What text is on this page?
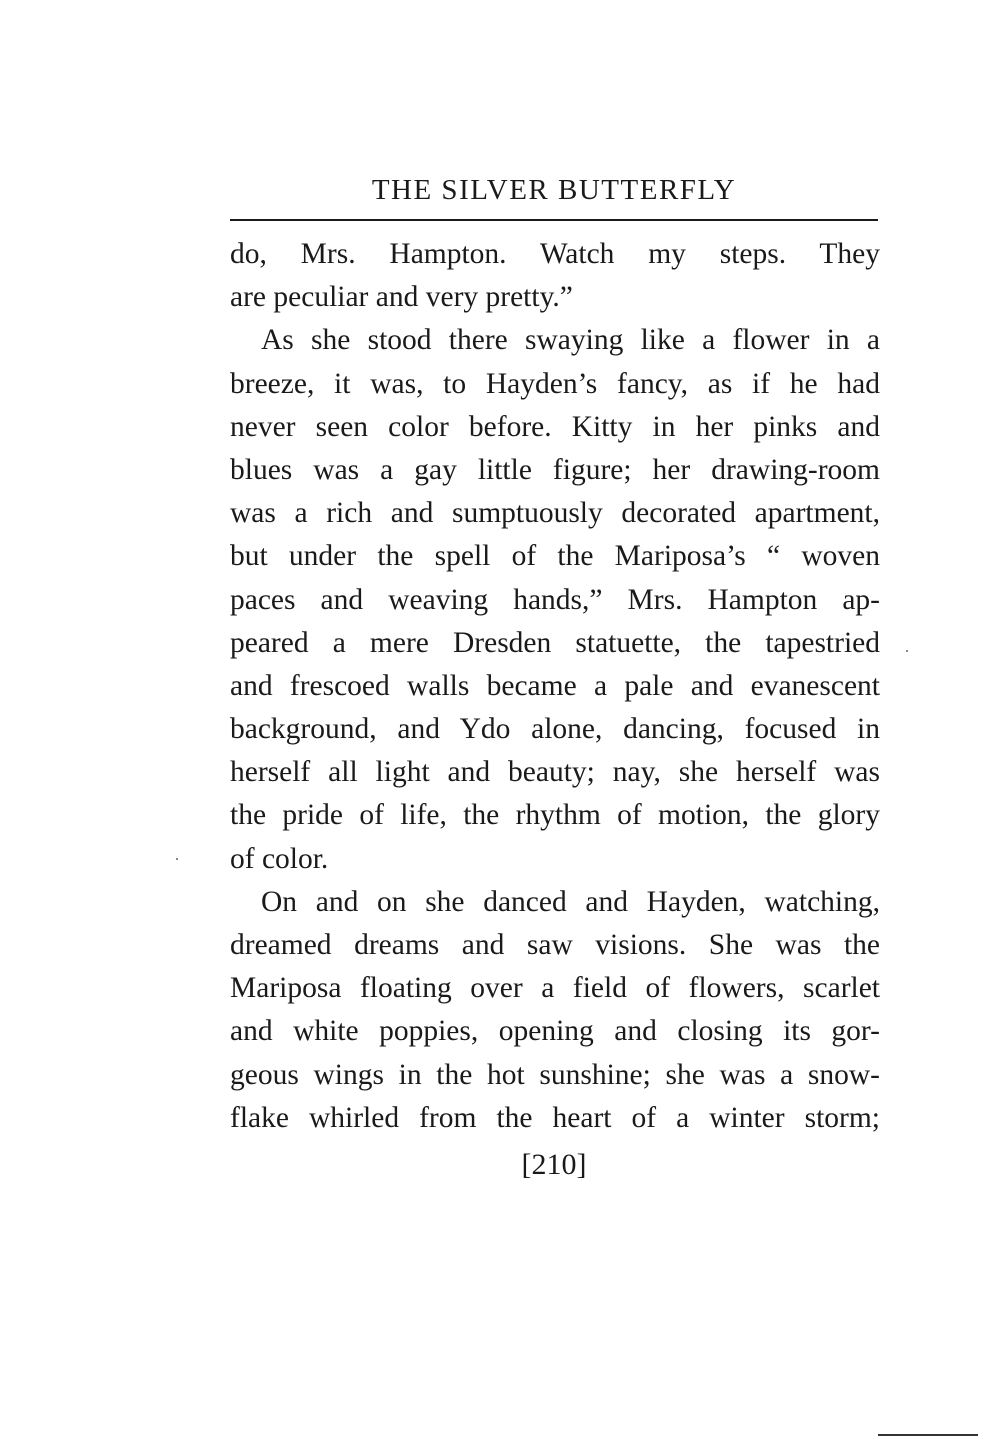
THE SILVER BUTTERFLY

do, Mrs. Hampton. Watch my steps. They
are peculiar and very pretty.”

As she stood there swaying like a flower in a
breeze, it was, to Hayden’s fancy, as if he had
never seen color before. Kitty in her pinks and
blues was a gay little figure; her drawing-room
was a rich and sumptuously decorated apartment,
but under the spell of the Mariposa’s “ woven
paces and weaving hands,” Mrs. Hampton ap-
peared a mere Dresden statuette, the tapestried
and frescoed walls became a pale and evanescent
background, and Ydo alone, dancing, focused in
herself all light and beauty; nay, she herself was
the pride of life, the rhythm of motion, the glory
of color.

On and on she danced and Hayden, watching,
dreamed dreams and saw visions. She was the
Mariposa floating over a field of flowers, scarlet
and white poppies, opening and closing its gor-
geous wings in the hot sunshine; she was a snow-
flake whirled from the heart of a winter storm;

[210]
